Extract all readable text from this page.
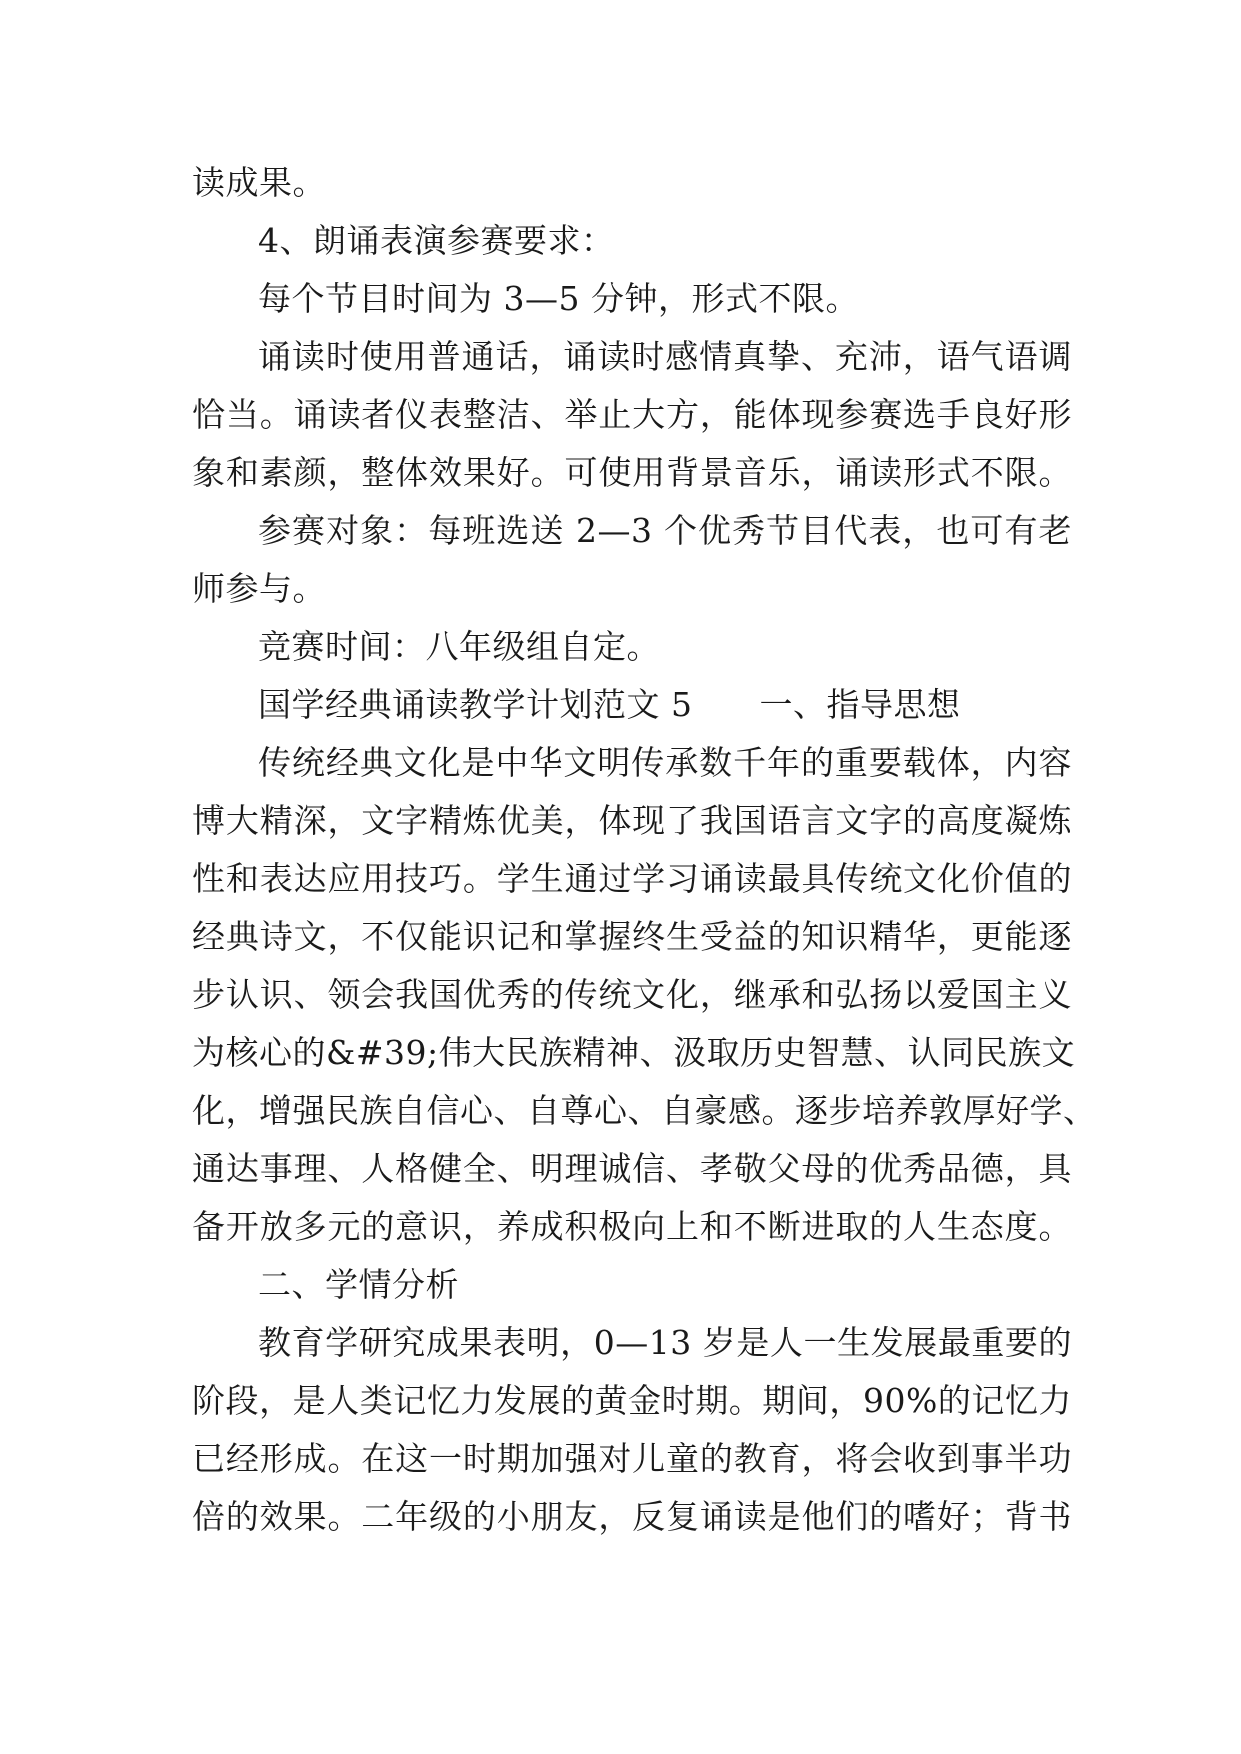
读成果。
4、朗诵表演参赛要求：
每个节目时间为 3—5 分钟，形式不限。
诵读时使用普通话，诵读时感情真挚、充沛，语气语调
恰当。诵读者仪表整洁、举止大方，能体现参赛选手良好形
象和素颜，整体效果好。可使用背景音乐，诵读形式不限。
参赛对象：每班选送 2—3 个优秀节目代表，也可有老
师参与。
竞赛时间：八年级组自定。
国学经典诵读教学计划范文 5　　一、指导思想
传统经典文化是中华文明传承数千年的重要载体，内容
博大精深，文字精炼优美，体现了我国语言文字的高度凝炼
性和表达应用技巧。学生通过学习诵读最具传统文化价值的
经典诗文，不仅能识记和掌握终生受益的知识精华，更能逐
步认识、领会我国优秀的传统文化，继承和弘扬以爱国主义
为核心的&#39;伟大民族精神、汲取历史智慧、认同民族文
化，增强民族自信心、自尊心、自豪感。逐步培养敦厚好学、
通达事理、人格健全、明理诚信、孝敬父母的优秀品德，具
备开放多元的意识，养成积极向上和不断进取的人生态度。
二、学情分析
教育学研究成果表明，0—13 岁是人一生发展最重要的
阶段，是人类记忆力发展的黄金时期。期间，90%的记忆力
已经形成。在这一时期加强对儿童的教育，将会收到事半功
倍的效果。二年级的小朋友，反复诵读是他们的嗜好；背书
